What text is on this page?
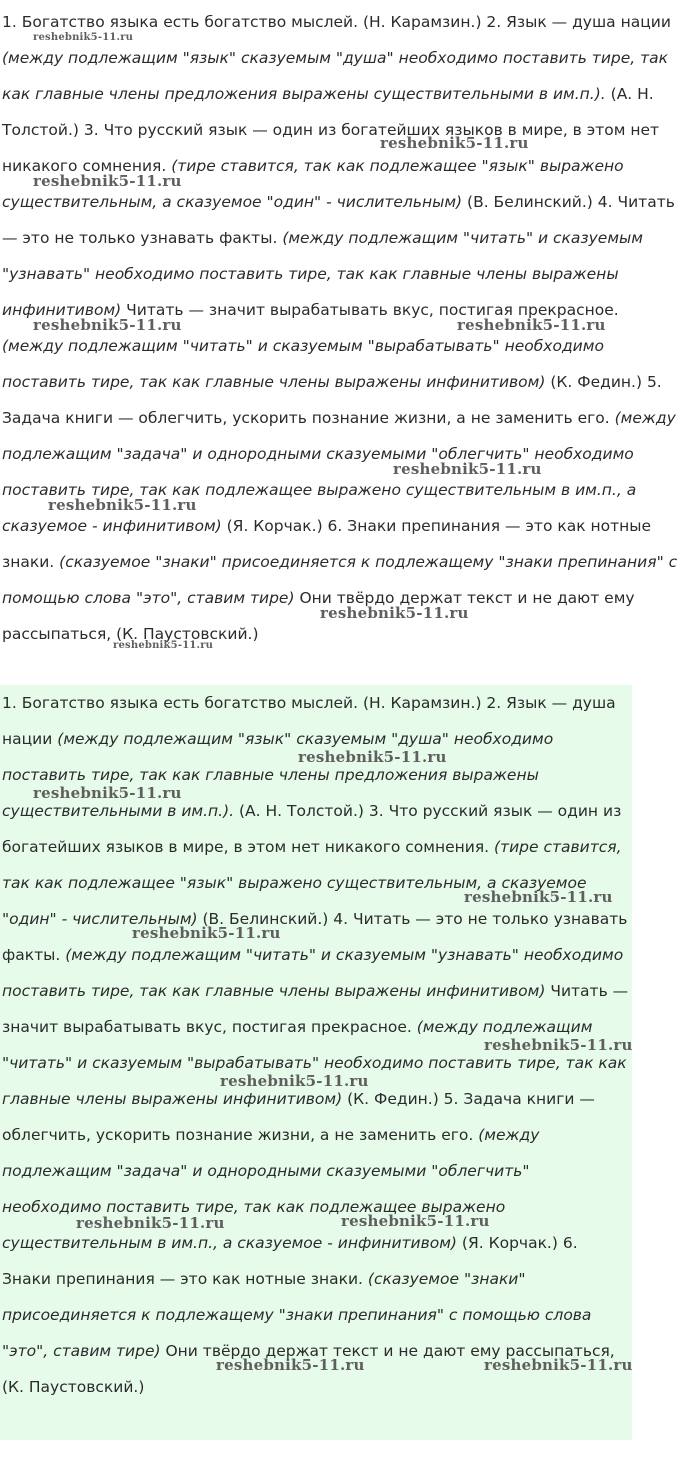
1. Богатство языка есть богатство мыслей. (Н. Карамзин.) 2. Язык — душа нации (между подлежащим "язык" сказуемым "душа" необходимо поставить тире, так как главные члены предложения выражены существительными в им.п.). (А. Н. Толстой.) 3. Что русский язык — один из богатейших языков в мире, в этом нет никакого сомнения. (тире ставится, так как подлежащее "язык" выражено существительным, а сказуемое "один" - числительным) (В. Белинский.) 4. Читать — это не только узнавать факты. (между подлежащим "читать" и сказуемым "узнавать" необходимо поставить тире, так как главные члены выражены инфинитивом) Читать — значит вырабатывать вкус, постигая прекрасное. (между подлежащим "читать" и сказуемым "вырабатывать" необходимо поставить тире, так как главные члены выражены инфинитивом) (К. Федин.) 5. Задача книги — облегчить, ускорить познание жизни, а не заменить его. (между подлежащим "задача" и однородными сказуемыми "облегчить" необходимо поставить тире, так как подлежащее выражено существительным в им.п., а сказуемое - инфинитивом) (Я. Корчак.) 6. Знаки препинания — это как нотные знаки. (сказуемое "знаки" присоединяется к подлежащему "знаки препинания" с помощью слова "это", ставим тире) Они твёрдо держат текст и не дают ему рассыпаться, (К. Паустовский.)
1. Богатство языка есть богатство мыслей. (Н. Карамзин.) 2. Язык — душа нации (между подлежащим "язык" сказуемым "душа" необходимо поставить тире, так как главные члены предложения выражены существительными в им.п.). (А. Н. Толстой.) 3. Что русский язык — один из богатейших языков в мире, в этом нет никакого сомнения. (тире ставится, так как подлежащее "язык" выражено существительным, а сказуемое "один" - числительным) (В. Белинский.) 4. Читать — это не только узнавать факты. (между подлежащим "читать" и сказуемым "узнавать" необходимо поставить тире, так как главные члены выражены инфинитивом) Читать — значит вырабатывать вкус, постигая прекрасное. (между подлежащим "читать" и сказуемым "вырабатывать" необходимо поставить тире, так как главные члены выражены инфинитивом) (К. Федин.) 5. Задача книги — облегчить, ускорить познание жизни, а не заменить его. (между подлежащим "задача" и однородными сказуемыми "облегчить" необходимо поставить тире, так как подлежащее выражено существительным в им.п., а сказуемое - инфинитивом) (Я. Корчак.) 6. Знаки препинания — это как нотные знаки. (сказуемое "знаки" присоединяется к подлежащему "знаки препинания" с помощью слова "это", ставим тире) Они твёрдо держат текст и не дают ему рассыпаться, (К. Паустовский.)
reshebnik5-11.ru
reshebnik5-11.ru
reshebnik5-11.ru
reshebnik5-11.ru	reshebnik5-11.ru
reshebnik5-11.ru
reshebnik5-11.ru
reshebnik5-11.ru
reshebnik5-11.ru
reshebnik5-11.ru
reshebnik5-11.ru
reshebnik5-11.ru
reshebnik5-11.ru
reshebnik5-11.ru
reshebnik5-11.ru
reshebnik5-11.ru	reshebnik5-11.ru
reshebnik5-11.ru	reshebnik5-11.ru
